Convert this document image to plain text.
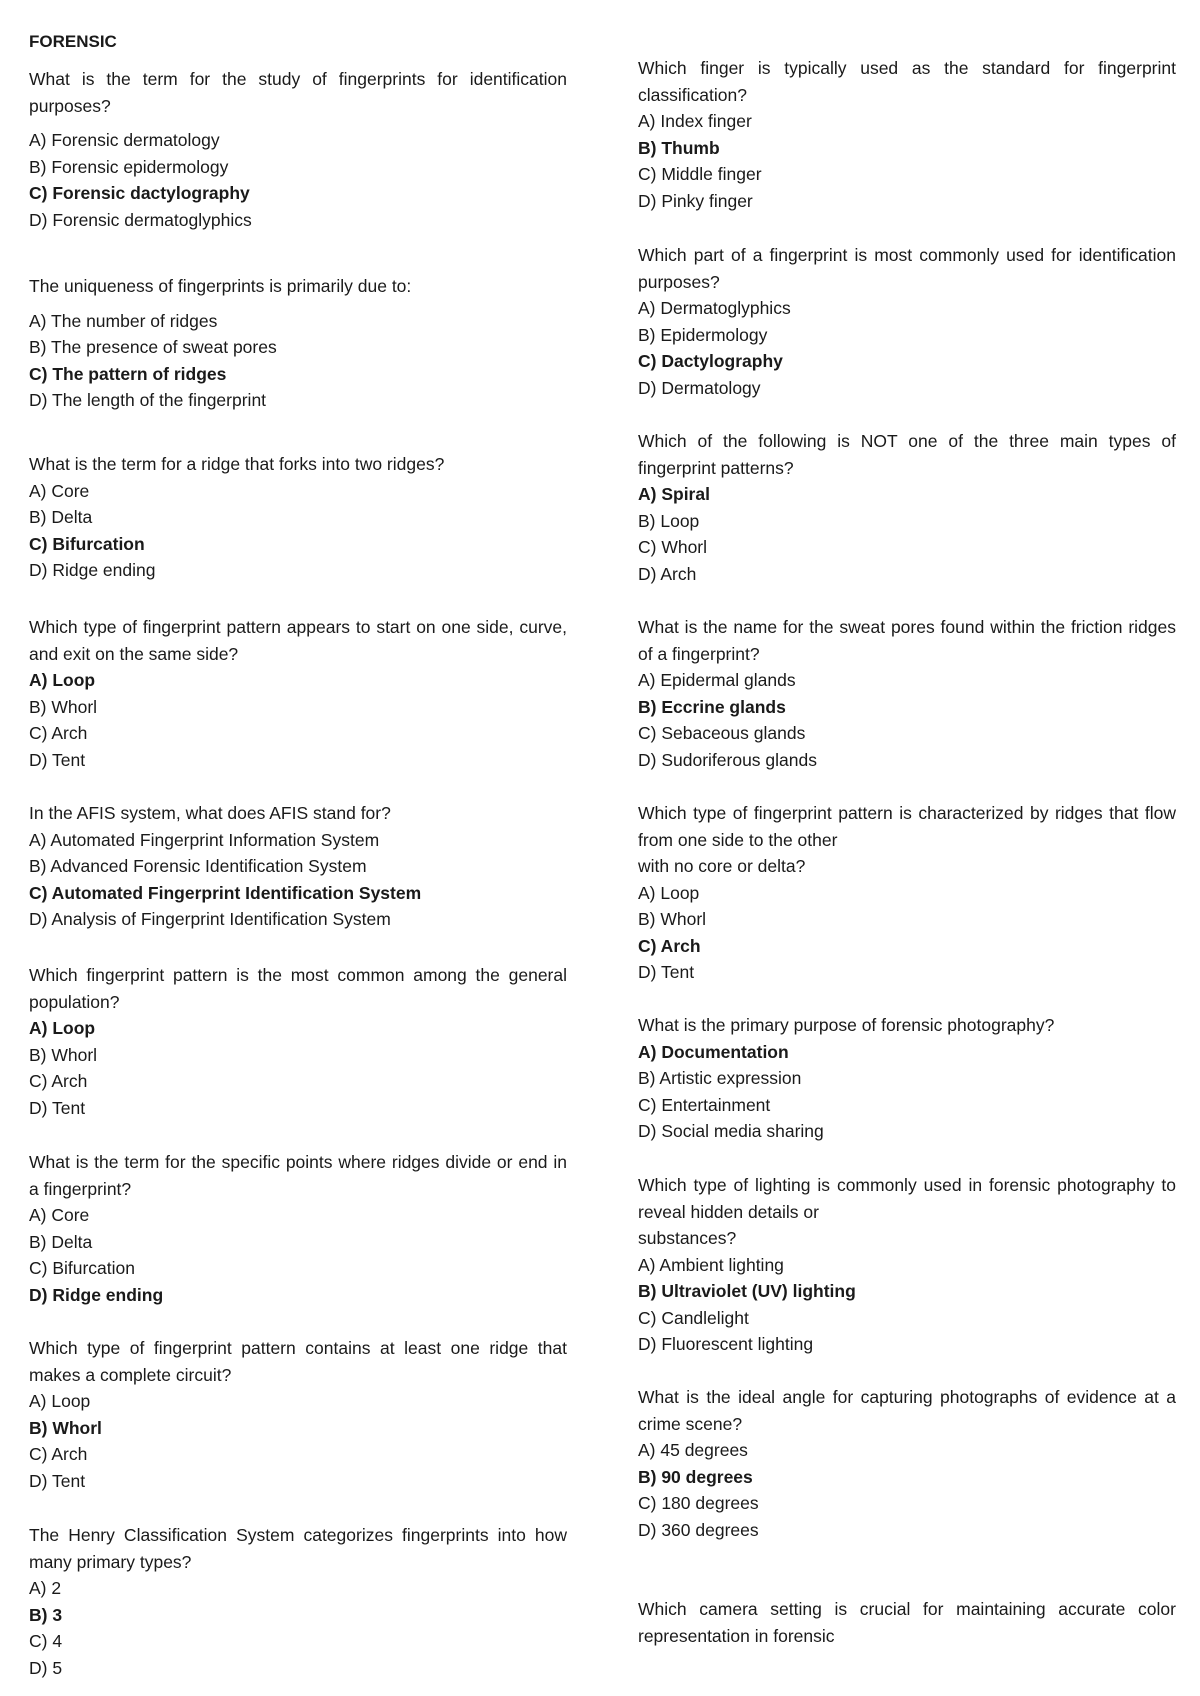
FORENSIC

What is the term for the study of fingerprints for identification purposes?

A) Forensic dermatology
B) Forensic epidermology
C) Forensic dactylography
D) Forensic dermatoglyphics

The uniqueness of fingerprints is primarily due to:

A) The number of ridges
B) The presence of sweat pores
C) The pattern of ridges
D) The length of the fingerprint

What is the term for a ridge that forks into two ridges?

A) Core
B) Delta
C) Bifurcation
D) Ridge ending

Which type of fingerprint pattern appears to start on one side, curve, and exit on the same side?

A) Loop
B) Whorl
C) Arch
D) Tent

In the AFIS system, what does AFIS stand for?

A) Automated Fingerprint Information System
B) Advanced Forensic Identification System
C) Automated Fingerprint Identification System
D) Analysis of Fingerprint Identification System

Which fingerprint pattern is the most common among the general population?

A) Loop
B) Whorl
C) Arch
D) Tent

What is the term for the specific points where ridges divide or end in a fingerprint?

A) Core
B) Delta
C) Bifurcation
D) Ridge ending

Which type of fingerprint pattern contains at least one ridge that makes a complete circuit?

A) Loop
B) Whorl
C) Arch
D) Tent

The Henry Classification System categorizes fingerprints into how many primary types?

A) 2
B) 3
C) 4
D) 5

Which finger is typically used as the standard for fingerprint classification?

A) Index finger
B) Thumb
C) Middle finger
D) Pinky finger

Which part of a fingerprint is most commonly used for identification purposes?

A) Dermatoglyphics
B) Epidermology
C) Dactylography
D) Dermatology

Which of the following is NOT one of the three main types of fingerprint patterns?

A) Spiral
B) Loop
C) Whorl
D) Arch

What is the name for the sweat pores found within the friction ridges of a fingerprint?

A) Epidermal glands
B) Eccrine glands
C) Sebaceous glands
D) Sudoriferous glands

Which type of fingerprint pattern is characterized by ridges that flow from one side to the other
with no core or delta?

A) Loop
B) Whorl
C) Arch
D) Tent

What is the primary purpose of forensic photography?

A) Documentation
B) Artistic expression
C) Entertainment
D) Social media sharing

Which type of lighting is commonly used in forensic photography to reveal hidden details or
substances?

A) Ambient lighting
B) Ultraviolet (UV) lighting
C) Candlelight
D) Fluorescent lighting

What is the ideal angle for capturing photographs of evidence at a crime scene?

A) 45 degrees
B) 90 degrees
C) 180 degrees
D) 360 degrees

Which camera setting is crucial for maintaining accurate color representation in forensic
